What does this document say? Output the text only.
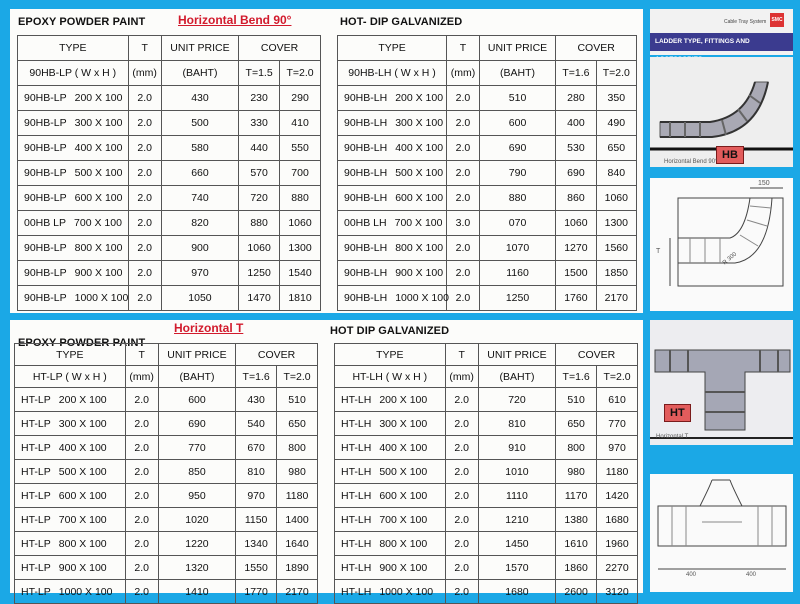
EPOXY POWDER PAINT	Horizontal Bend 90°	HOT- DIP GALVANIZED
TYPE	T	UNIT PRICE	COVER	
90HB-LP ( W x H )	(mm)	(BAHT)	T=1.5	T=2.0
90HB-LP 200 X 100	2.0	430	230	290
90HB-LP 300 X 100	2.0	500	330	410
90HB-LP 400 X 100	2.0	580	440	550
90HB-LP 500 X 100	2.0	660	570	700
90HB-LP 600 X 100	2.0	740	720	880
00HB LP 700 X 100	2.0	820	880	1060
90HB-LP 800 X 100	2.0	900	1060	1300
90HB-LP 900 X 100	2.0	970	1250	1540
90HB-LP 1000 X 100	2.0	1050	1470	1810
TYPE	T	UNIT PRICE	COVER	
90HB-LH ( W x H )	(mm)	(BAHT)	T=1.6	T=2.0
90HB-LH 200 X 100	2.0	510	280	350
90HB-LH 300 X 100	2.0	600	400	490
90HB-LH 400 X 100	2.0	690	530	650
90HB-LH 500 X 100	2.0	790	690	840
90HB-LH 600 X 100	2.0	880	860	1060
00HB LH 700 X 100	3.0	070	1060	1300
90HB-LH 800 X 100	2.0	1070	1270	1560
90HB-LH 900 X 100	2.0	1160	1500	1850
90HB-LH 1000 X 100	2.0	1250	1760	2170
EPOXY POWDER PAINT
Horizontal T	HOT DIP GALVANIZED
TYPE	T	UNIT PRICE	COVER	
HT-LP ( W x H )	(mm)	(BAHT)	T=1.6	T=2.0
HT-LP 200 X 100	2.0	600	430	510
HT-LP 300 X 100	2.0	690	540	650
HT-LP 400 X 100	2.0	770	670	800
HT-LP 500 X 100	2.0	850	810	980
HT-LP 600 X 100	2.0	950	970	1180
HT-LP 700 X 100	2.0	1020	1150	1400
HT-LP 800 X 100	2.0	1220	1340	1640
HT-LP 900 X 100	2.0	1320	1550	1890
HT-LP 1000 X 100	2.0	1410	1770	2170
TYPE	T	UNIT PRICE	COVER	
HT-LH ( W x H )	(mm)	(BAHT)	T=1.6	T=2.0
HT-LH 200 X 100	2.0	720	510	610
HT-LH 300 X 100	2.0	810	650	770
HT-LH 400 X 100	2.0	910	800	970
HT-LH 500 X 100	2.0	1010	980	1180
HT-LH 600 X 100	2.0	1110	1170	1420
HT-LH 700 X 100	2.0	1210	1380	1680
HT-LH 800 X 100	2.0	1450	1610	1960
HT-LH 900 X 100	2.0	1570	1860	2270
HT-LH 1000 X 100	2.0	1680	2600	3120
Cable Tray System SMC
LADDER TYPE, FITTINGS AND
HB
Horizontal Bend 90°
150
T
R 300
HT
Horizontal T
400	400
